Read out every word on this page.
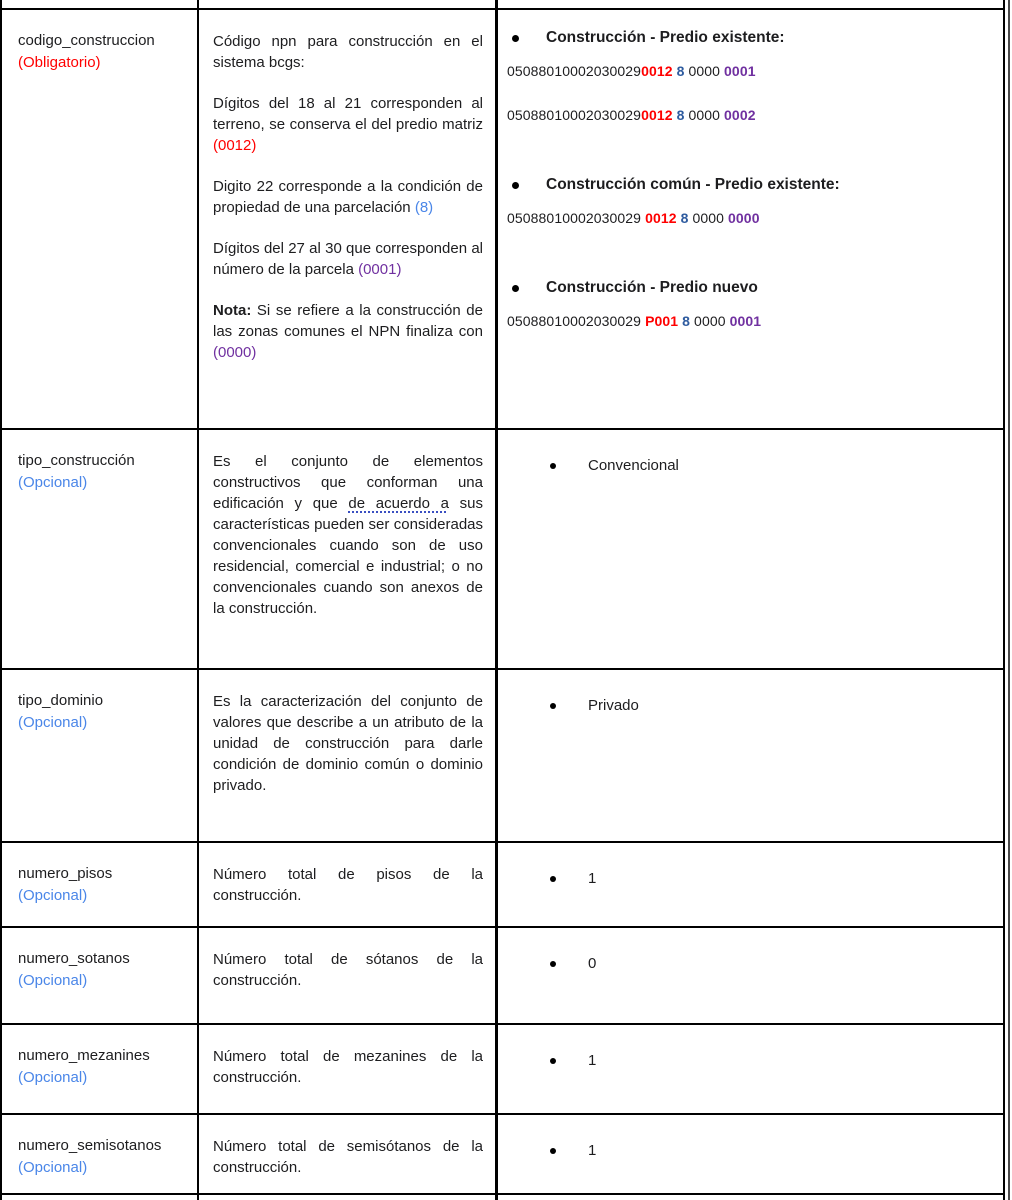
codigo_construccion
(Obligatorio)

Código npn para construcción en el sistema bcgs:

Dígitos del 18 al 21 corresponden al terreno, se conserva el del predio matriz (0012)

Digito 22 corresponde a la condición de propiedad de una parcelación (8)

Dígitos del 27 al 30 que corresponden al número de la parcela (0001)

Nota: Si se refiere a la construcción de las zonas comunes el NPN finaliza con (0000)

Construcción - Predio existente:
050880100020300290012 8 0000 0001
050880100020300290012 8 0000 0002
Construcción común - Predio existente:
05088010002030029 0012 8 0000 0000
Construcción - Predio nuevo
05088010002030029 P001 8 0000 0001
tipo_construcción
(Opcional)

Es el conjunto de elementos constructivos que conforman una edificación y que de acuerdo a sus características pueden ser consideradas convencionales cuando son de uso residencial, comercial e industrial; o no convencionales cuando son anexos de la construcción.

Convencional
tipo_dominio
(Opcional)

Es la caracterización del conjunto de valores que describe a un atributo de la unidad de construcción para darle condición de dominio común o dominio privado.

Privado
numero_pisos
(Opcional)

Número total de pisos de la construcción.

1
numero_sotanos
(Opcional)

Número total de sótanos de la construcción.

0
numero_mezanines
(Opcional)

Número total de mezanines de la construcción.

1
numero_semisotanos
(Opcional)

Número total de semisótanos de la construcción.

1
